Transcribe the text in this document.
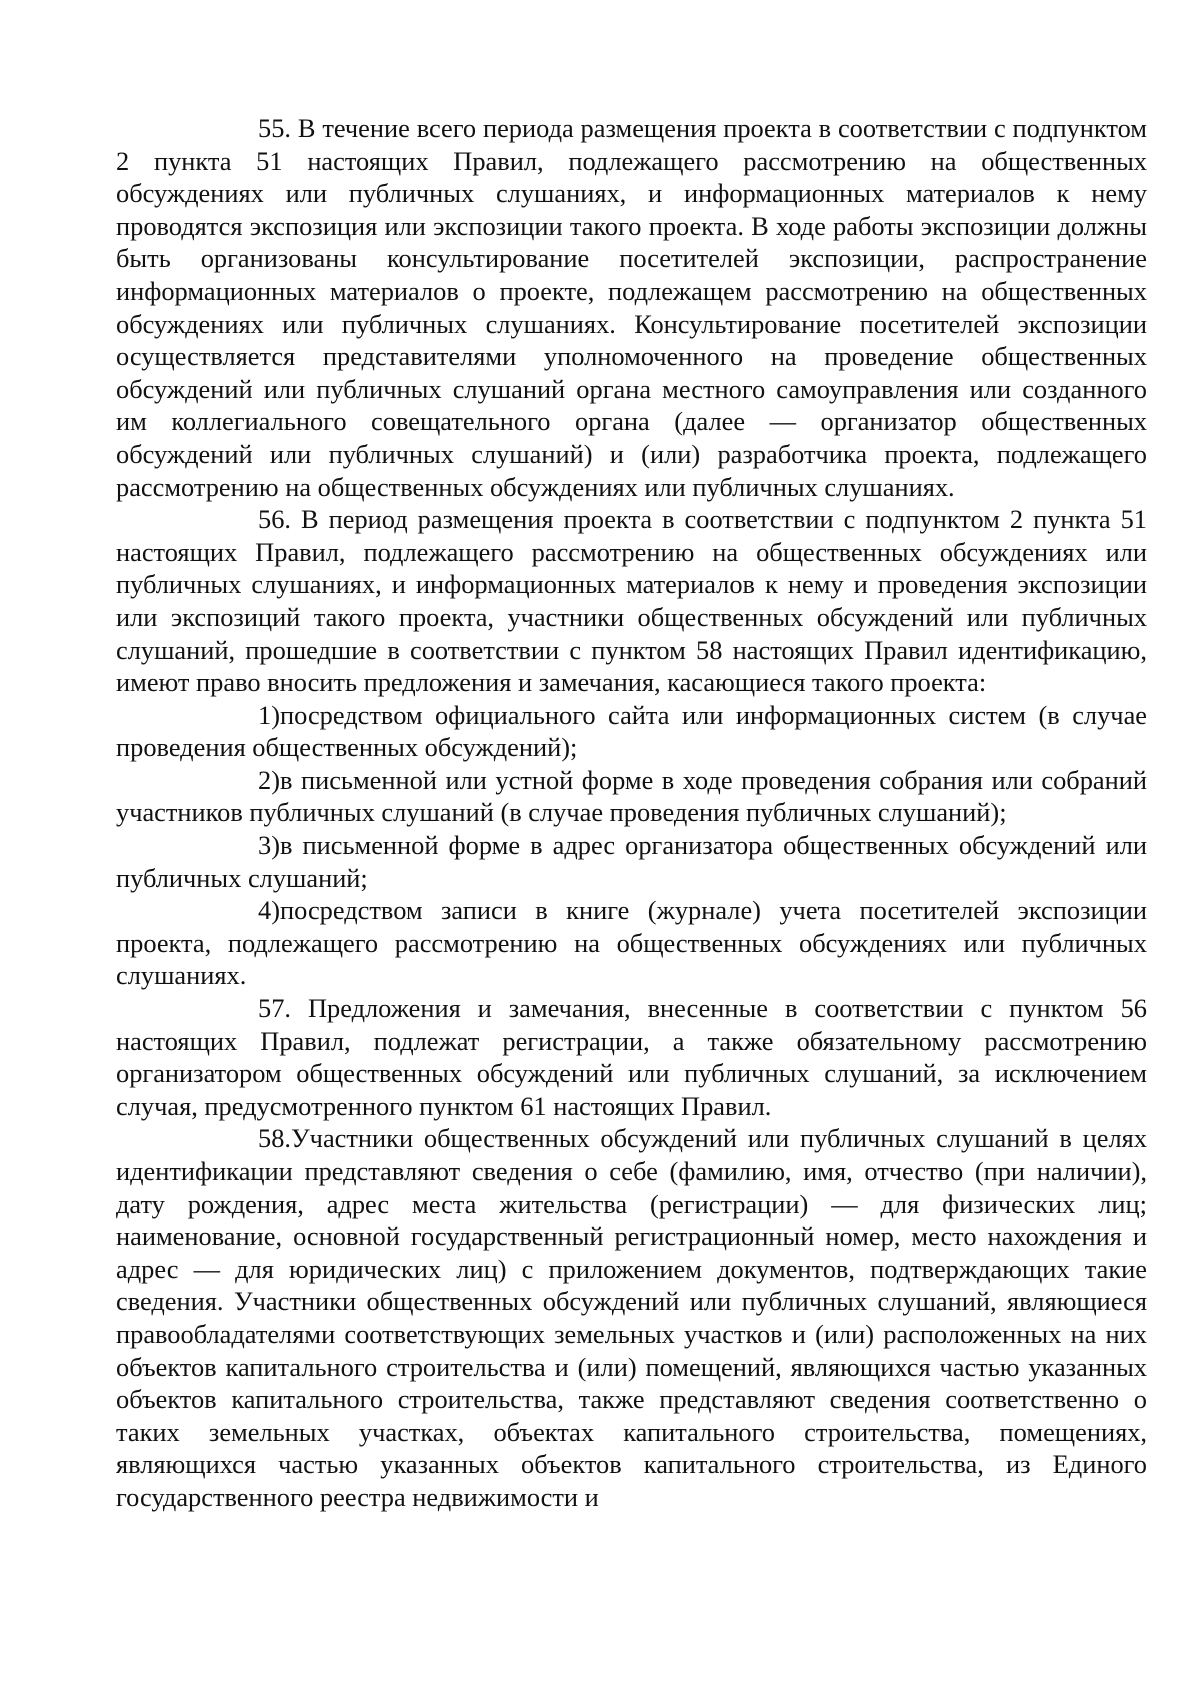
55. В течение всего периода размещения проекта в соответствии с подпунктом 2 пункта 51 настоящих Правил, подлежащего рассмотрению на общественных обсуждениях или публичных слушаниях, и информационных материалов к нему проводятся экспозиция или экспозиции такого проекта. В ходе работы экспозиции должны быть организованы консультирование посетителей экспозиции, распространение информационных материалов о проекте, подлежащем рассмотрению на общественных обсуждениях или публичных слушаниях. Консультирование посетителей экспозиции осуществляется представителями уполномоченного на проведение общественных обсуждений или публичных слушаний органа местного самоуправления или созданного им коллегиального совещательного органа (далее — организатор общественных обсуждений или публичных слушаний) и (или) разработчика проекта, подлежащего рассмотрению на общественных обсуждениях или публичных слушаниях.

56. В период размещения проекта в соответствии с подпунктом 2 пункта 51 настоящих Правил, подлежащего рассмотрению на общественных обсуждениях или публичных слушаниях, и информационных материалов к нему и проведения экспозиции или экспозиций такого проекта, участники общественных обсуждений или публичных слушаний, прошедшие в соответствии с пунктом 58 настоящих Правил идентификацию, имеют право вносить предложения и замечания, касающиеся такого проекта:

1)посредством официального сайта или информационных систем (в случае проведения общественных обсуждений);

2)в письменной или устной форме в ходе проведения собрания или собраний участников публичных слушаний (в случае проведения публичных слушаний);

3)в письменной форме в адрес организатора общественных обсуждений или публичных слушаний;

4)посредством записи в книге (журнале) учета посетителей экспозиции проекта, подлежащего рассмотрению на общественных обсуждениях или публичных слушаниях.

57. Предложения и замечания, внесенные в соответствии с пунктом 56 настоящих Правил, подлежат регистрации, а также обязательному рассмотрению организатором общественных обсуждений или публичных слушаний, за исключением случая, предусмотренного пунктом 61 настоящих Правил.

58.Участники общественных обсуждений или публичных слушаний в целях идентификации представляют сведения о себе (фамилию, имя, отчество (при наличии), дату рождения, адрес места жительства (регистрации) — для физических лиц; наименование, основной государственный регистрационный номер, место нахождения и адрес — для юридических лиц) с приложением документов, подтверждающих такие сведения. Участники общественных обсуждений или публичных слушаний, являющиеся правообладателями соответствующих земельных участков и (или) расположенных на них объектов капитального строительства и (или) помещений, являющихся частью указанных объектов капитального строительства, также представляют сведения соответственно о таких земельных участках, объектах капитального строительства, помещениях, являющихся частью указанных объектов капитального строительства, из Единого государственного реестра недвижимости и
